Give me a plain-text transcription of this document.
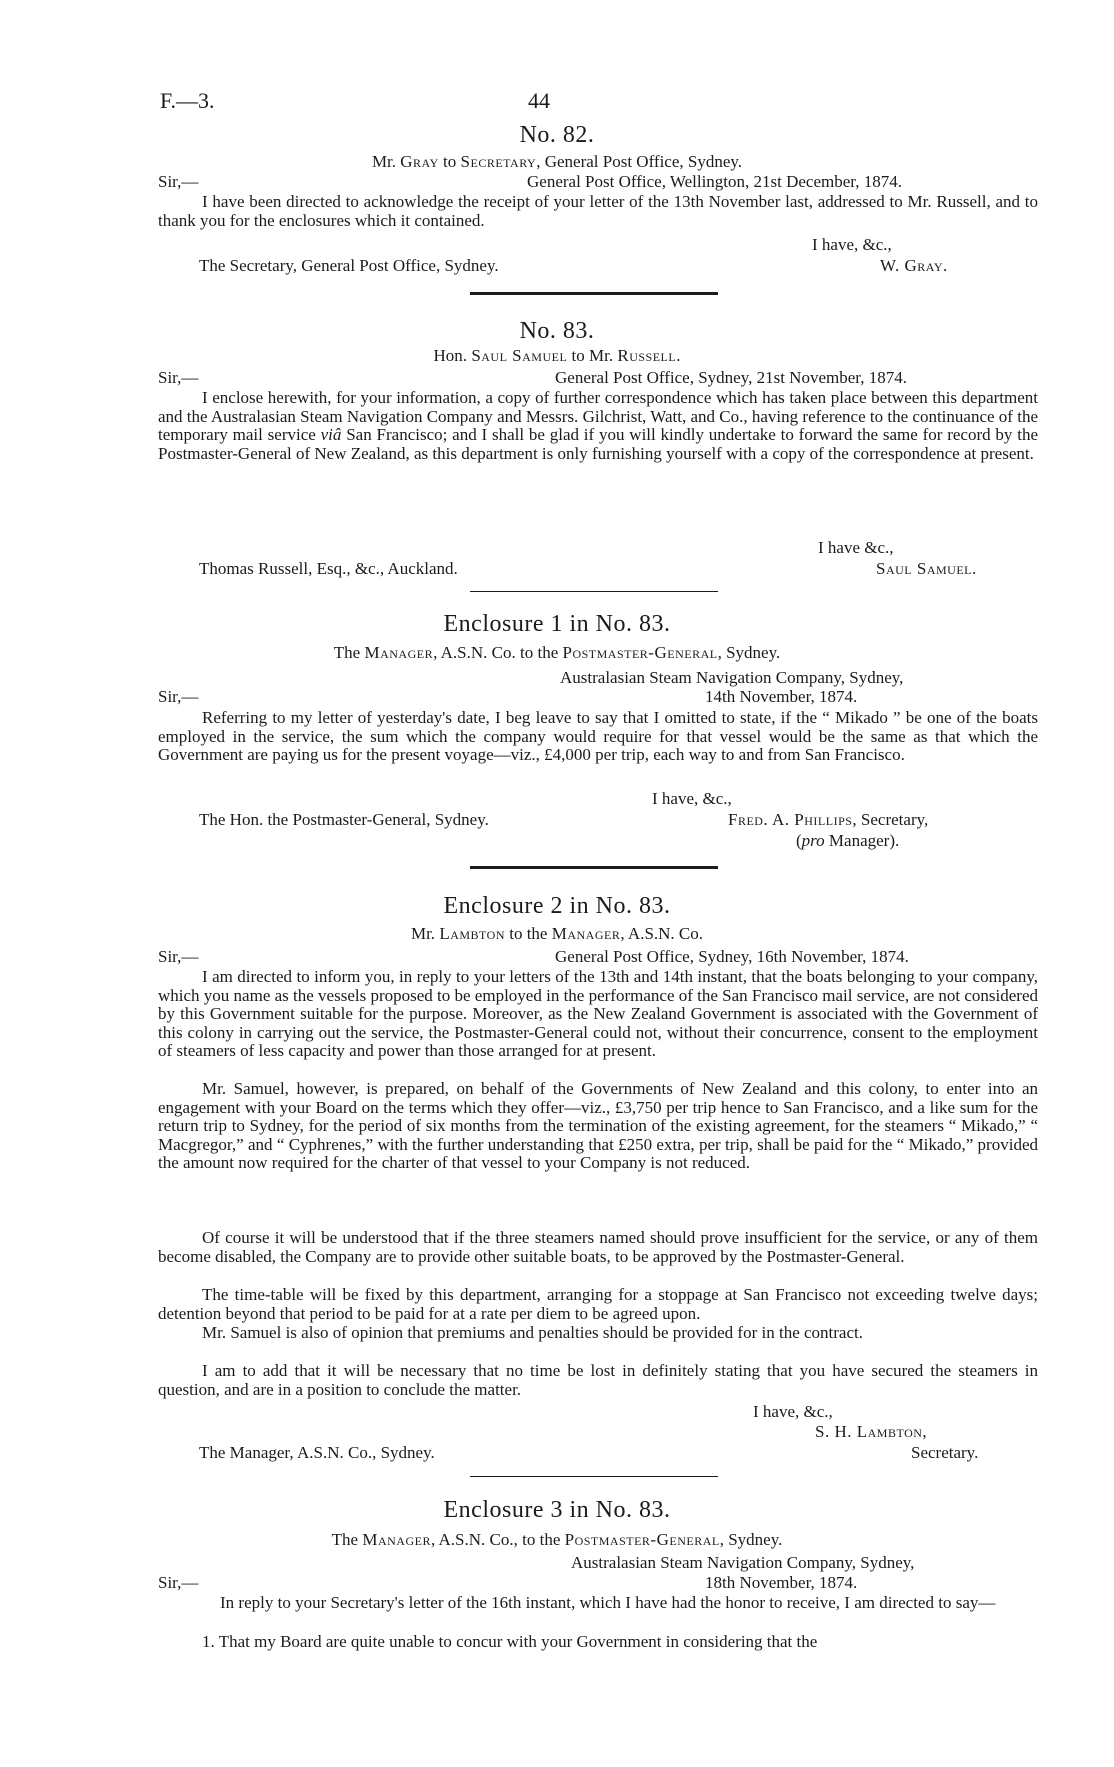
F.—3.	44
No. 82.
Mr. Gray to Secretary, General Post Office, Sydney.
Sir,—	General Post Office, Wellington, 21st December, 1874.
I have been directed to acknowledge the receipt of your letter of the 13th November last, addressed to Mr. Russell, and to thank you for the enclosures which it contained.
I have, &c.,
The Secretary, General Post Office, Sydney.	W. Gray.
No. 83.
Hon. Saul Samuel to Mr. Russell.
Sir,—	General Post Office, Sydney, 21st November, 1874.
I enclose herewith, for your information, a copy of further correspondence which has taken place between this department and the Australasian Steam Navigation Company and Messrs. Gilchrist, Watt, and Co., having reference to the continuance of the temporary mail service viâ San Francisco; and I shall be glad if you will kindly undertake to forward the same for record by the Postmaster-General of New Zealand, as this department is only furnishing yourself with a copy of the correspondence at present.
I have &c.,
Thomas Russell, Esq., &c., Auckland.	Saul Samuel.
Enclosure 1 in No. 83.
The Manager, A.S.N. Co. to the Postmaster-General, Sydney.
Australasian Steam Navigation Company, Sydney,
Sir,—	14th November, 1874.
Referring to my letter of yesterday's date, I beg leave to say that I omitted to state, if the “ Mikado ” be one of the boats employed in the service, the sum which the company would require for that vessel would be the same as that which the Government are paying us for the present voyage—viz., £4,000 per trip, each way to and from San Francisco.
I have, &c.,
The Hon. the Postmaster-General, Sydney.	Fred. A. Phillips, Secretary,
(pro Manager).
Enclosure 2 in No. 83.
Mr. Lambton to the Manager, A.S.N. Co.
Sir,—	General Post Office, Sydney, 16th November, 1874.
I am directed to inform you, in reply to your letters of the 13th and 14th instant, that the boats belonging to your company, which you name as the vessels proposed to be employed in the performance of the San Francisco mail service, are not considered by this Government suitable for the purpose. Moreover, as the New Zealand Government is associated with the Government of this colony in carrying out the service, the Postmaster-General could not, without their concurrence, consent to the employment of steamers of less capacity and power than those arranged for at present.
Mr. Samuel, however, is prepared, on behalf of the Governments of New Zealand and this colony, to enter into an engagement with your Board on the terms which they offer—viz., £3,750 per trip hence to San Francisco, and a like sum for the return trip to Sydney, for the period of six months from the termination of the existing agreement, for the steamers “ Mikado,” “ Macgregor,” and “ Cyphrenes,” with the further understanding that £250 extra, per trip, shall be paid for the “ Mikado,” provided the amount now required for the charter of that vessel to your Company is not reduced.
Of course it will be understood that if the three steamers named should prove insufficient for the service, or any of them become disabled, the Company are to provide other suitable boats, to be approved by the Postmaster-General.
The time-table will be fixed by this department, arranging for a stoppage at San Francisco not exceeding twelve days; detention beyond that period to be paid for at a rate per diem to be agreed upon.
Mr. Samuel is also of opinion that premiums and penalties should be provided for in the contract.
I am to add that it will be necessary that no time be lost in definitely stating that you have secured the steamers in question, and are in a position to conclude the matter.
I have, &c.,
S. H. Lambton,
The Manager, A.S.N. Co., Sydney.	Secretary.
Enclosure 3 in No. 83.
The Manager, A.S.N. Co., to the Postmaster-General, Sydney.
Australasian Steam Navigation Company, Sydney,
Sir,—	18th November, 1874.
In reply to your Secretary's letter of the 16th instant, which I have had the honor to receive, I am directed to say—
1. That my Board are quite unable to concur with your Government in considering that the
